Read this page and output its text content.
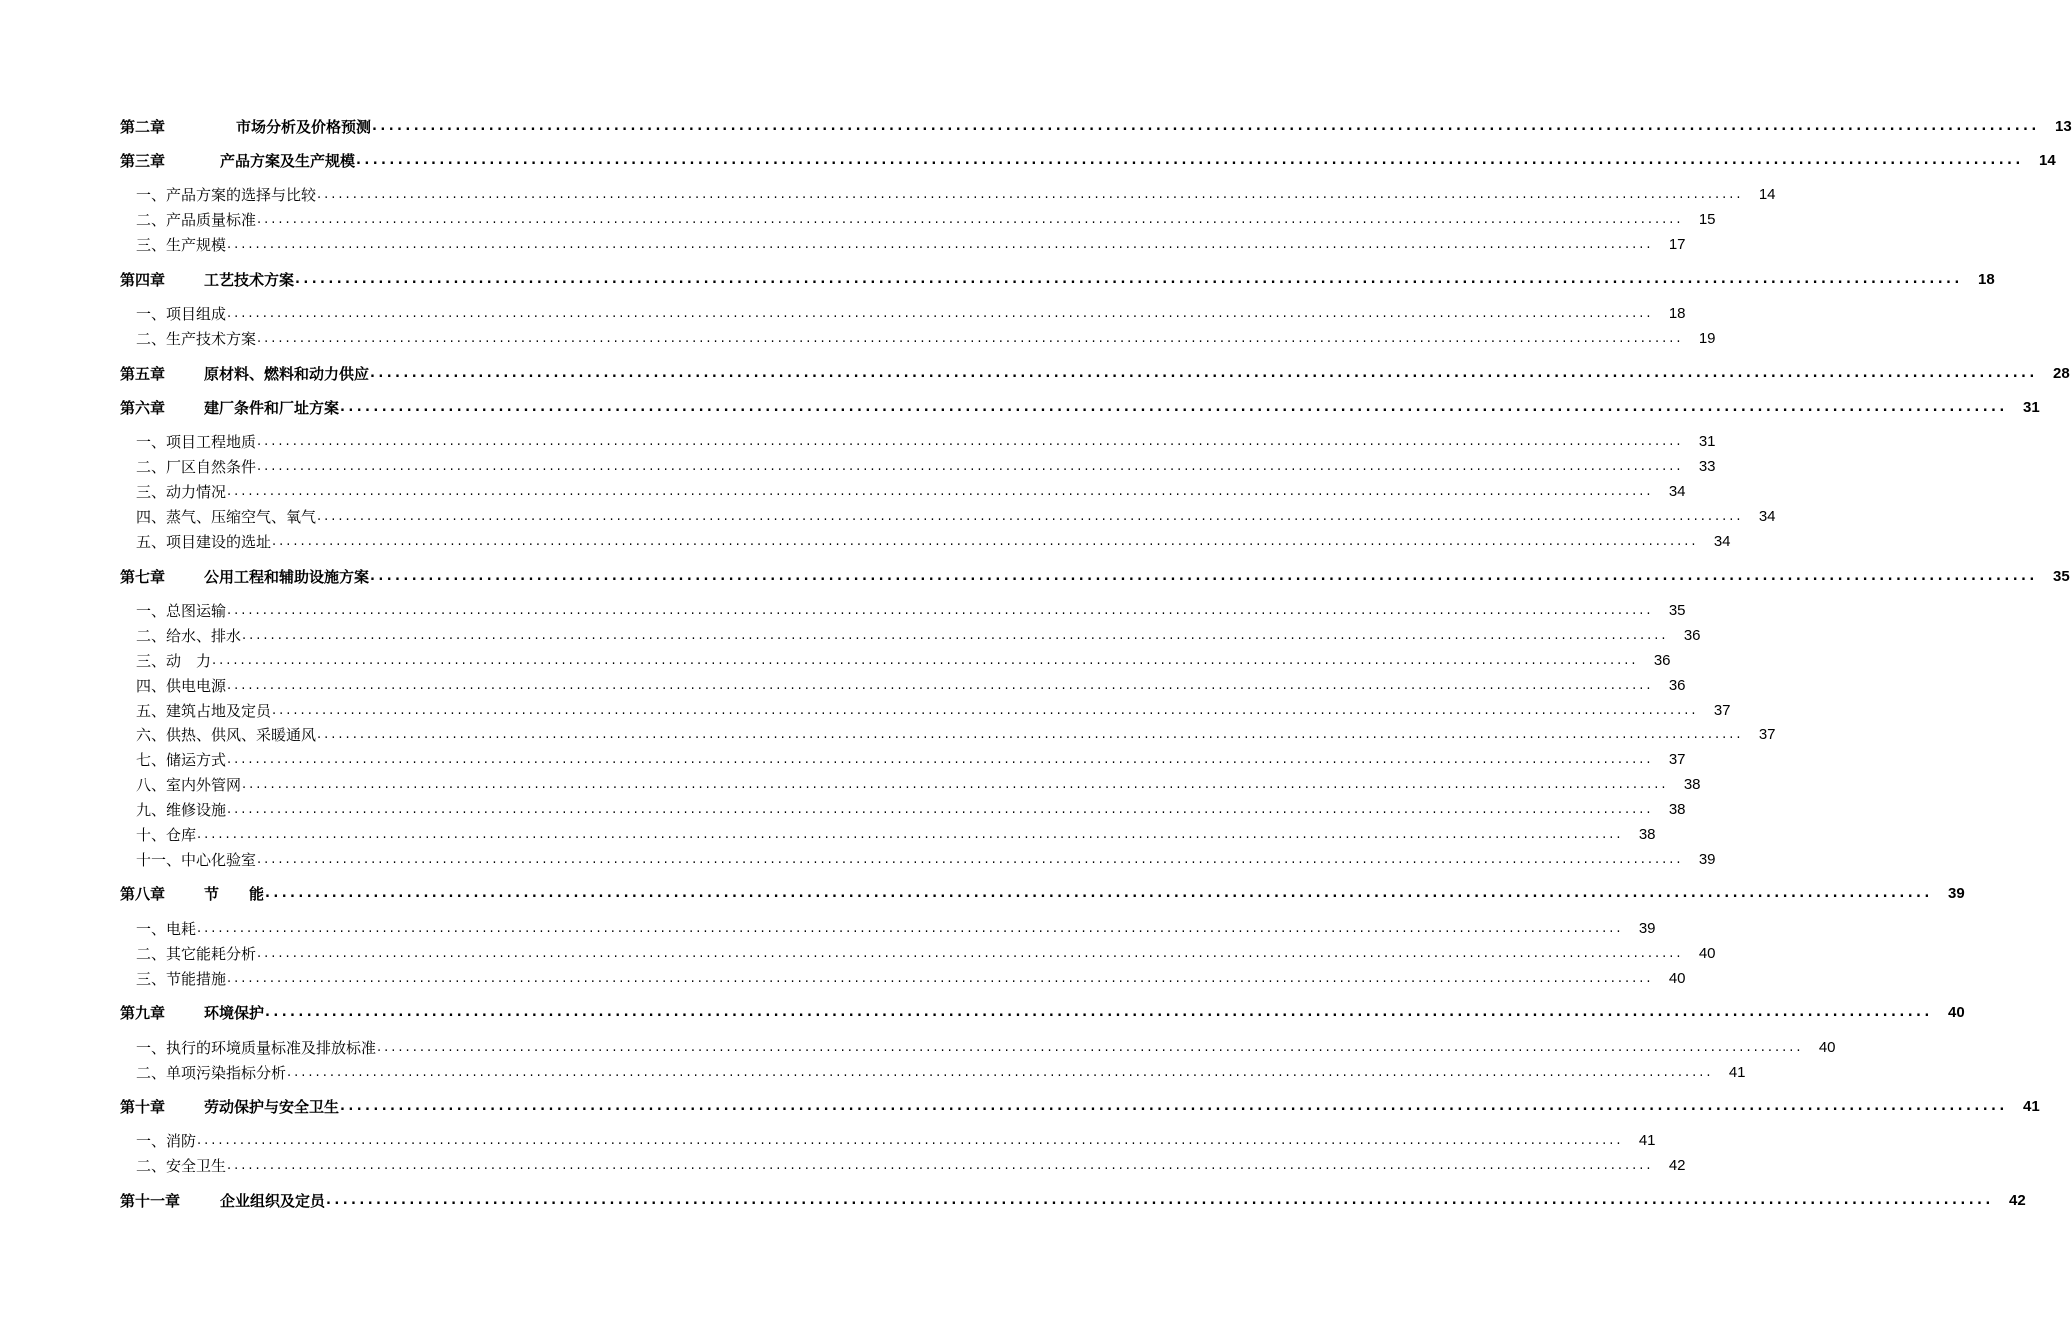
第二章	市场分析及价格预测 ........................................................................................................................................................................................................	13
第三章	产品方案及生产规模 ........................................................................................................................................................................................................	14
一、产品方案的选择与比较 ........................................................................................................................................................................................................	14
二、产品质量标准 ........................................................................................................................................................................................................	15
三、生产规模 ........................................................................................................................................................................................................	17
第四章	工艺技术方案 ........................................................................................................................................................................................................	18
一、项目组成 ........................................................................................................................................................................................................	18
二、生产技术方案 ........................................................................................................................................................................................................	19
第五章	原材料、燃料和动力供应 ........................................................................................................................................................................................................	28
第六章	建厂条件和厂址方案 ........................................................................................................................................................................................................	31
一、项目工程地质 ........................................................................................................................................................................................................	31
二、厂区自然条件 ........................................................................................................................................................................................................	33
三、动力情况 ........................................................................................................................................................................................................	34
四、蒸气、压缩空气、氧气 ........................................................................................................................................................................................................	34
五、项目建设的选址 ........................................................................................................................................................................................................	34
第七章	公用工程和辅助设施方案 ........................................................................................................................................................................................................	35
一、总图运输 ........................................................................................................................................................................................................	35
二、给水、排水 ........................................................................................................................................................................................................	36
三、动　力 ........................................................................................................................................................................................................	36
四、供电电源 ........................................................................................................................................................................................................	36
五、建筑占地及定员 ........................................................................................................................................................................................................	37
六、供热、供风、采暖通风 ........................................................................................................................................................................................................	37
七、储运方式 ........................................................................................................................................................................................................	37
八、室内外管网 ........................................................................................................................................................................................................	38
九、维修设施 ........................................................................................................................................................................................................	38
十、仓库 ........................................................................................................................................................................................................	38
十一、中心化验室 ........................................................................................................................................................................................................	39
第八章	节　　能 ........................................................................................................................................................................................................	39
一、电耗 ........................................................................................................................................................................................................	39
二、其它能耗分析 ........................................................................................................................................................................................................	40
三、节能措施 ........................................................................................................................................................................................................	40
第九章	环境保护 ........................................................................................................................................................................................................	40
一、执行的环境质量标准及排放标准 ........................................................................................................................................................................................................	40
二、单项污染指标分析 ........................................................................................................................................................................................................	41
第十章	劳动保护与安全卫生 ........................................................................................................................................................................................................	41
一、消防 ........................................................................................................................................................................................................	41
二、安全卫生 ........................................................................................................................................................................................................	42
第十一章	企业组织及定员 ........................................................................................................................................................................................................	42
